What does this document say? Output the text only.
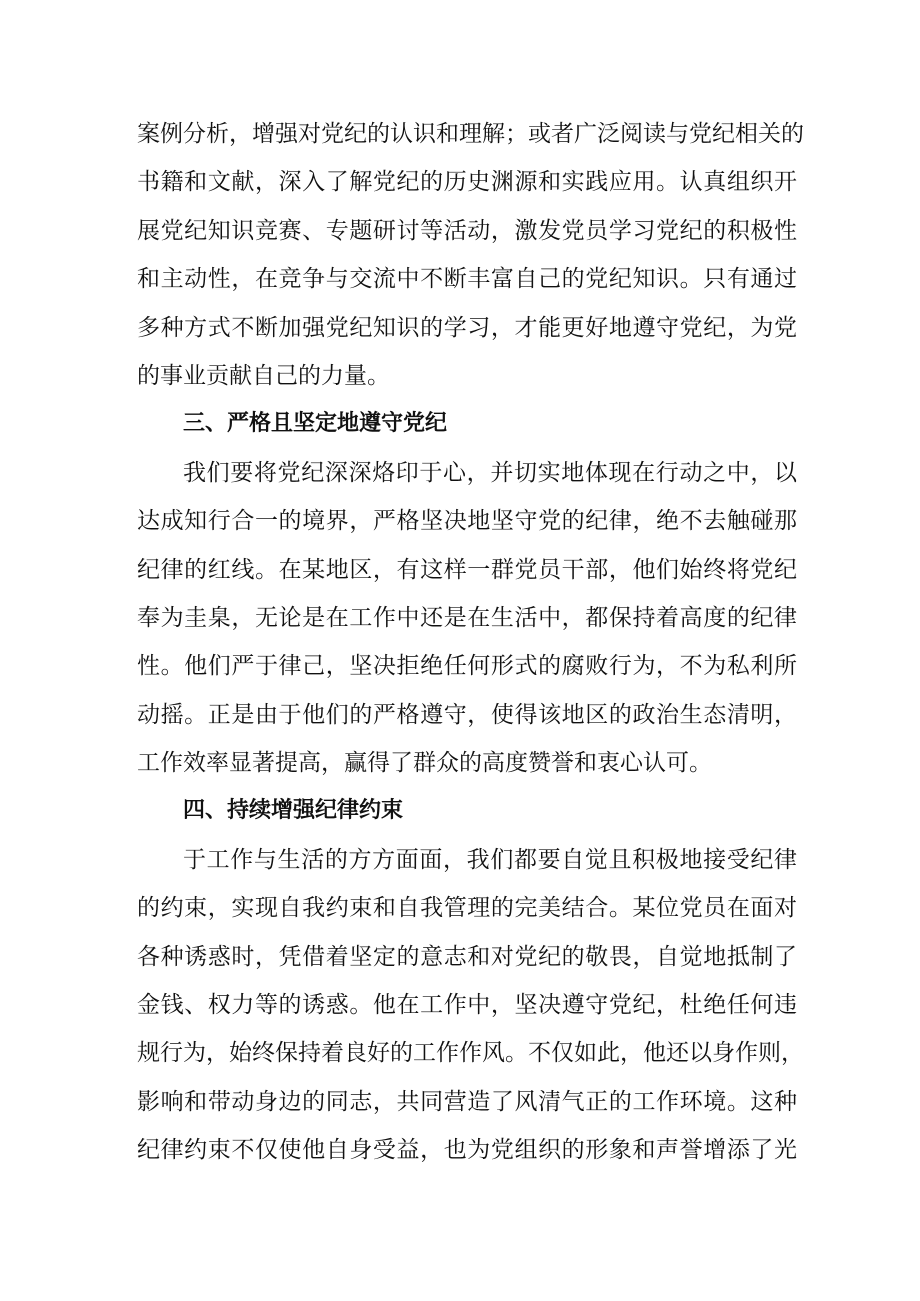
案例分析，增强对党纪的认识和理解；或者广泛阅读与党纪相关的
书籍和文献，深入了解党纪的历史渊源和实践应用。认真组织开
展党纪知识竞赛、专题研讨等活动，激发党员学习党纪的积极性
和主动性，在竞争与交流中不断丰富自己的党纪知识。只有通过
多种方式不断加强党纪知识的学习，才能更好地遵守党纪，为党
的事业贡献自己的力量。
三、严格且坚定地遵守党纪
我们要将党纪深深烙印于心，并切实地体现在行动之中，以
达成知行合一的境界，严格坚决地坚守党的纪律，绝不去触碰那
纪律的红线。在某地区，有这样一群党员干部，他们始终将党纪
奉为圭臬，无论是在工作中还是在生活中，都保持着高度的纪律
性。他们严于律己，坚决拒绝任何形式的腐败行为，不为私利所
动摇。正是由于他们的严格遵守，使得该地区的政治生态清明，
工作效率显著提高，赢得了群众的高度赞誉和衷心认可。
四、持续增强纪律约束
于工作与生活的方方面面，我们都要自觉且积极地接受纪律
的约束，实现自我约束和自我管理的完美结合。某位党员在面对
各种诱惑时，凭借着坚定的意志和对党纪的敬畏，自觉地抵制了
金钱、权力等的诱惑。他在工作中，坚决遵守党纪，杜绝任何违
规行为，始终保持着良好的工作作风。不仅如此，他还以身作则，
影响和带动身边的同志，共同营造了风清气正的工作环境。这种
纪律约束不仅使他自身受益，也为党组织的形象和声誉增添了光
